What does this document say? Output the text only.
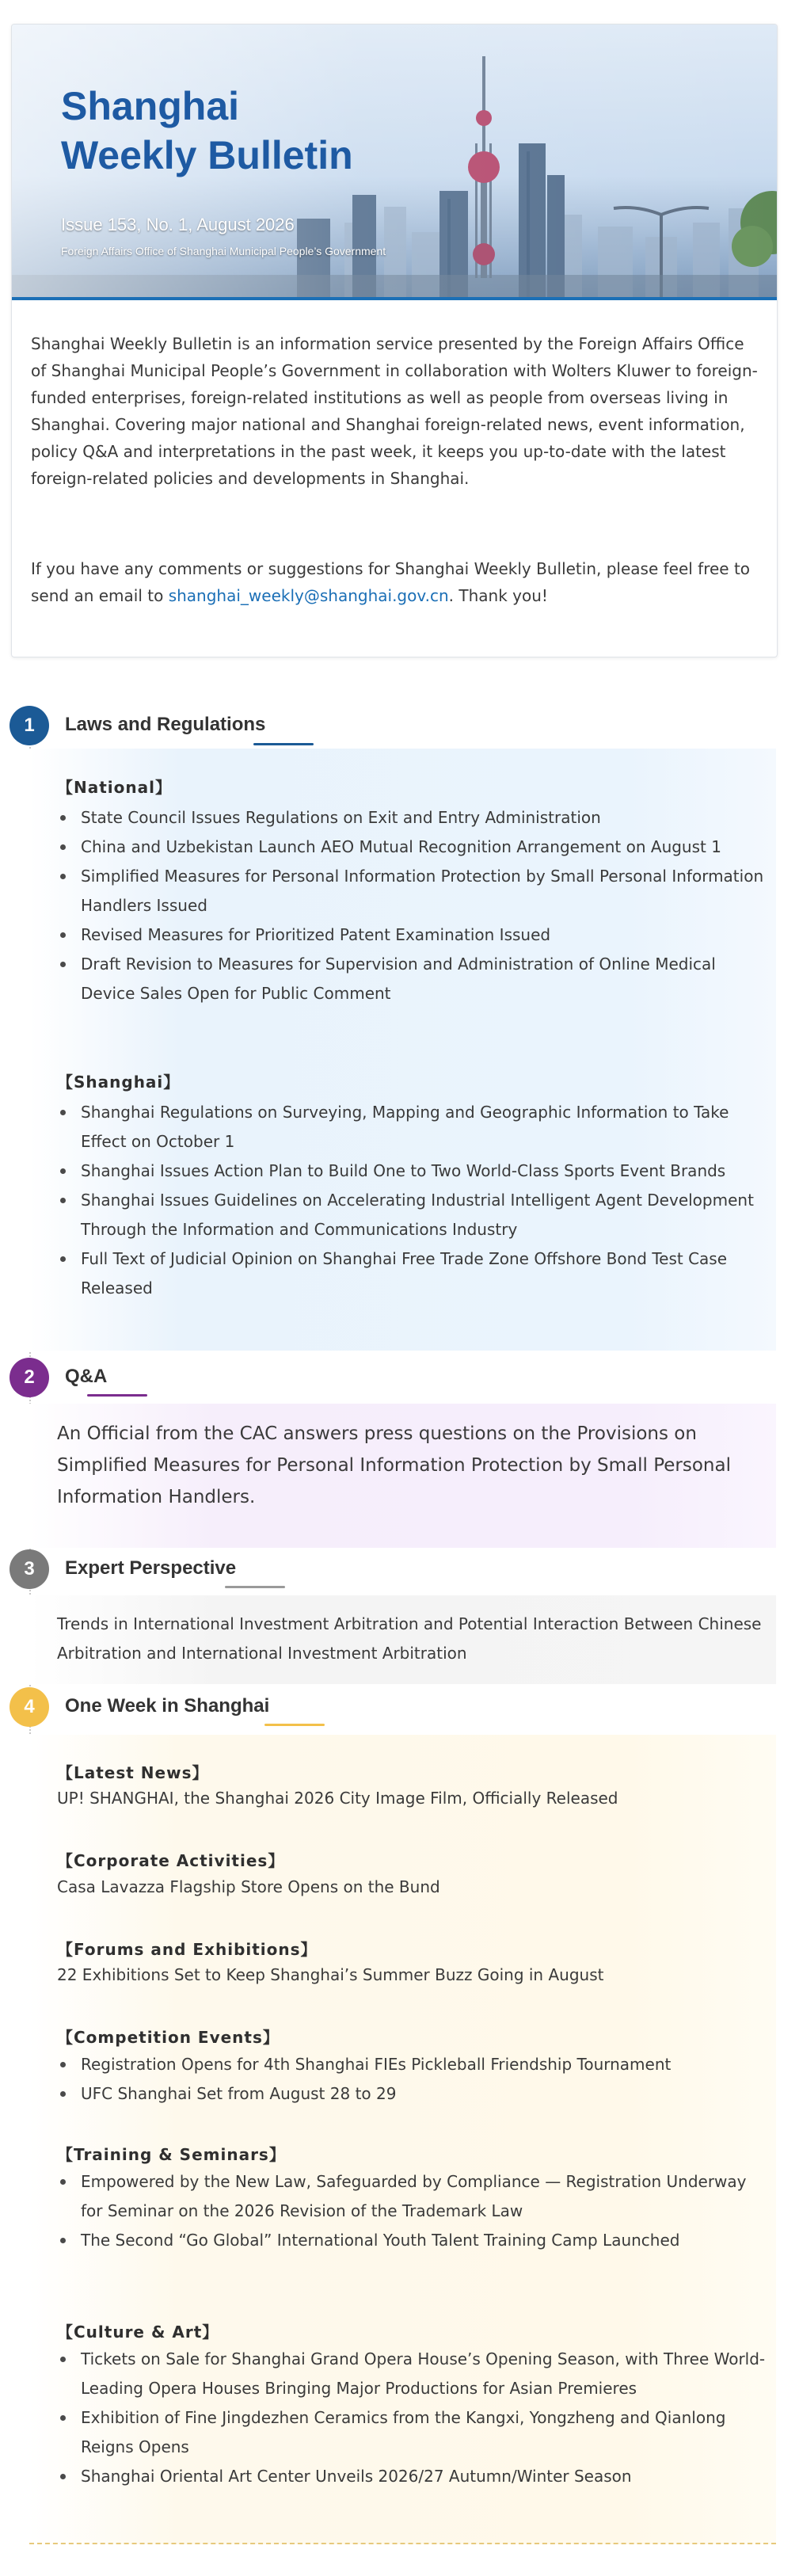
Shanghai
Weekly Bulletin
Issue 153, No. 1, August 2026
Foreign Affairs Office of Shanghai Municipal People’s Government

Shanghai Weekly Bulletin is an information service presented by the Foreign Affairs Office of Shanghai Municipal People’s Government in collaboration with Wolters Kluwer to foreign-funded enterprises, foreign-related institutions as well as people from overseas living in Shanghai. Covering major national and Shanghai foreign-related news, event information, policy Q&A and interpretations in the past week, it keeps you up-to-date with the latest foreign-related policies and developments in Shanghai.

If you have any comments or suggestions for Shanghai Weekly Bulletin, please feel free to send an email to shanghai_weekly@shanghai.gov.cn. Thank you!

1	Laws and Regulations
【National】
State Council Issues Regulations on Exit and Entry Administration
China and Uzbekistan Launch AEO Mutual Recognition Arrangement on August 1
Simplified Measures for Personal Information Protection by Small Personal Information Handlers Issued
Revised Measures for Prioritized Patent Examination Issued
Draft Revision to Measures for Supervision and Administration of Online Medical Device Sales Open for Public Comment
【Shanghai】
Shanghai Regulations on Surveying, Mapping and Geographic Information to Take Effect on October 1
Shanghai Issues Action Plan to Build One to Two World-Class Sports Event Brands
Shanghai Issues Guidelines on Accelerating Industrial Intelligent Agent Development Through the Information and Communications Industry
Full Text of Judicial Opinion on Shanghai Free Trade Zone Offshore Bond Test Case Released
2	Q&A

An Official from the CAC answers press questions on the Provisions on Simplified Measures for Personal Information Protection by Small Personal Information Handlers.

3	Expert Perspective

Trends in International Investment Arbitration and Potential Interaction Between Chinese Arbitration and International Investment Arbitration

4	One Week in Shanghai
【Latest News】

UP! SHANGHAI, the Shanghai 2026 City Image Film, Officially Released

【Corporate Activities】

Casa Lavazza Flagship Store Opens on the Bund

【Forums and Exhibitions】

22 Exhibitions Set to Keep Shanghai’s Summer Buzz Going in August

【Competition Events】
Registration Opens for 4th Shanghai FIEs Pickleball Friendship Tournament
UFC Shanghai Set from August 28 to 29
【Training & Seminars】
Empowered by the New Law, Safeguarded by Compliance — Registration Underway for Seminar on the 2026 Revision of the Trademark Law
The Second “Go Global” International Youth Talent Training Camp Launched
【Culture & Art】
Tickets on Sale for Shanghai Grand Opera House’s Opening Season, with Three World-Leading Opera Houses Bringing Major Productions for Asian Premieres
Exhibition of Fine Jingdezhen Ceramics from the Kangxi, Yongzheng and Qianlong Reigns Opens
Shanghai Oriental Art Center Unveils 2026/27 Autumn/Winter Season
